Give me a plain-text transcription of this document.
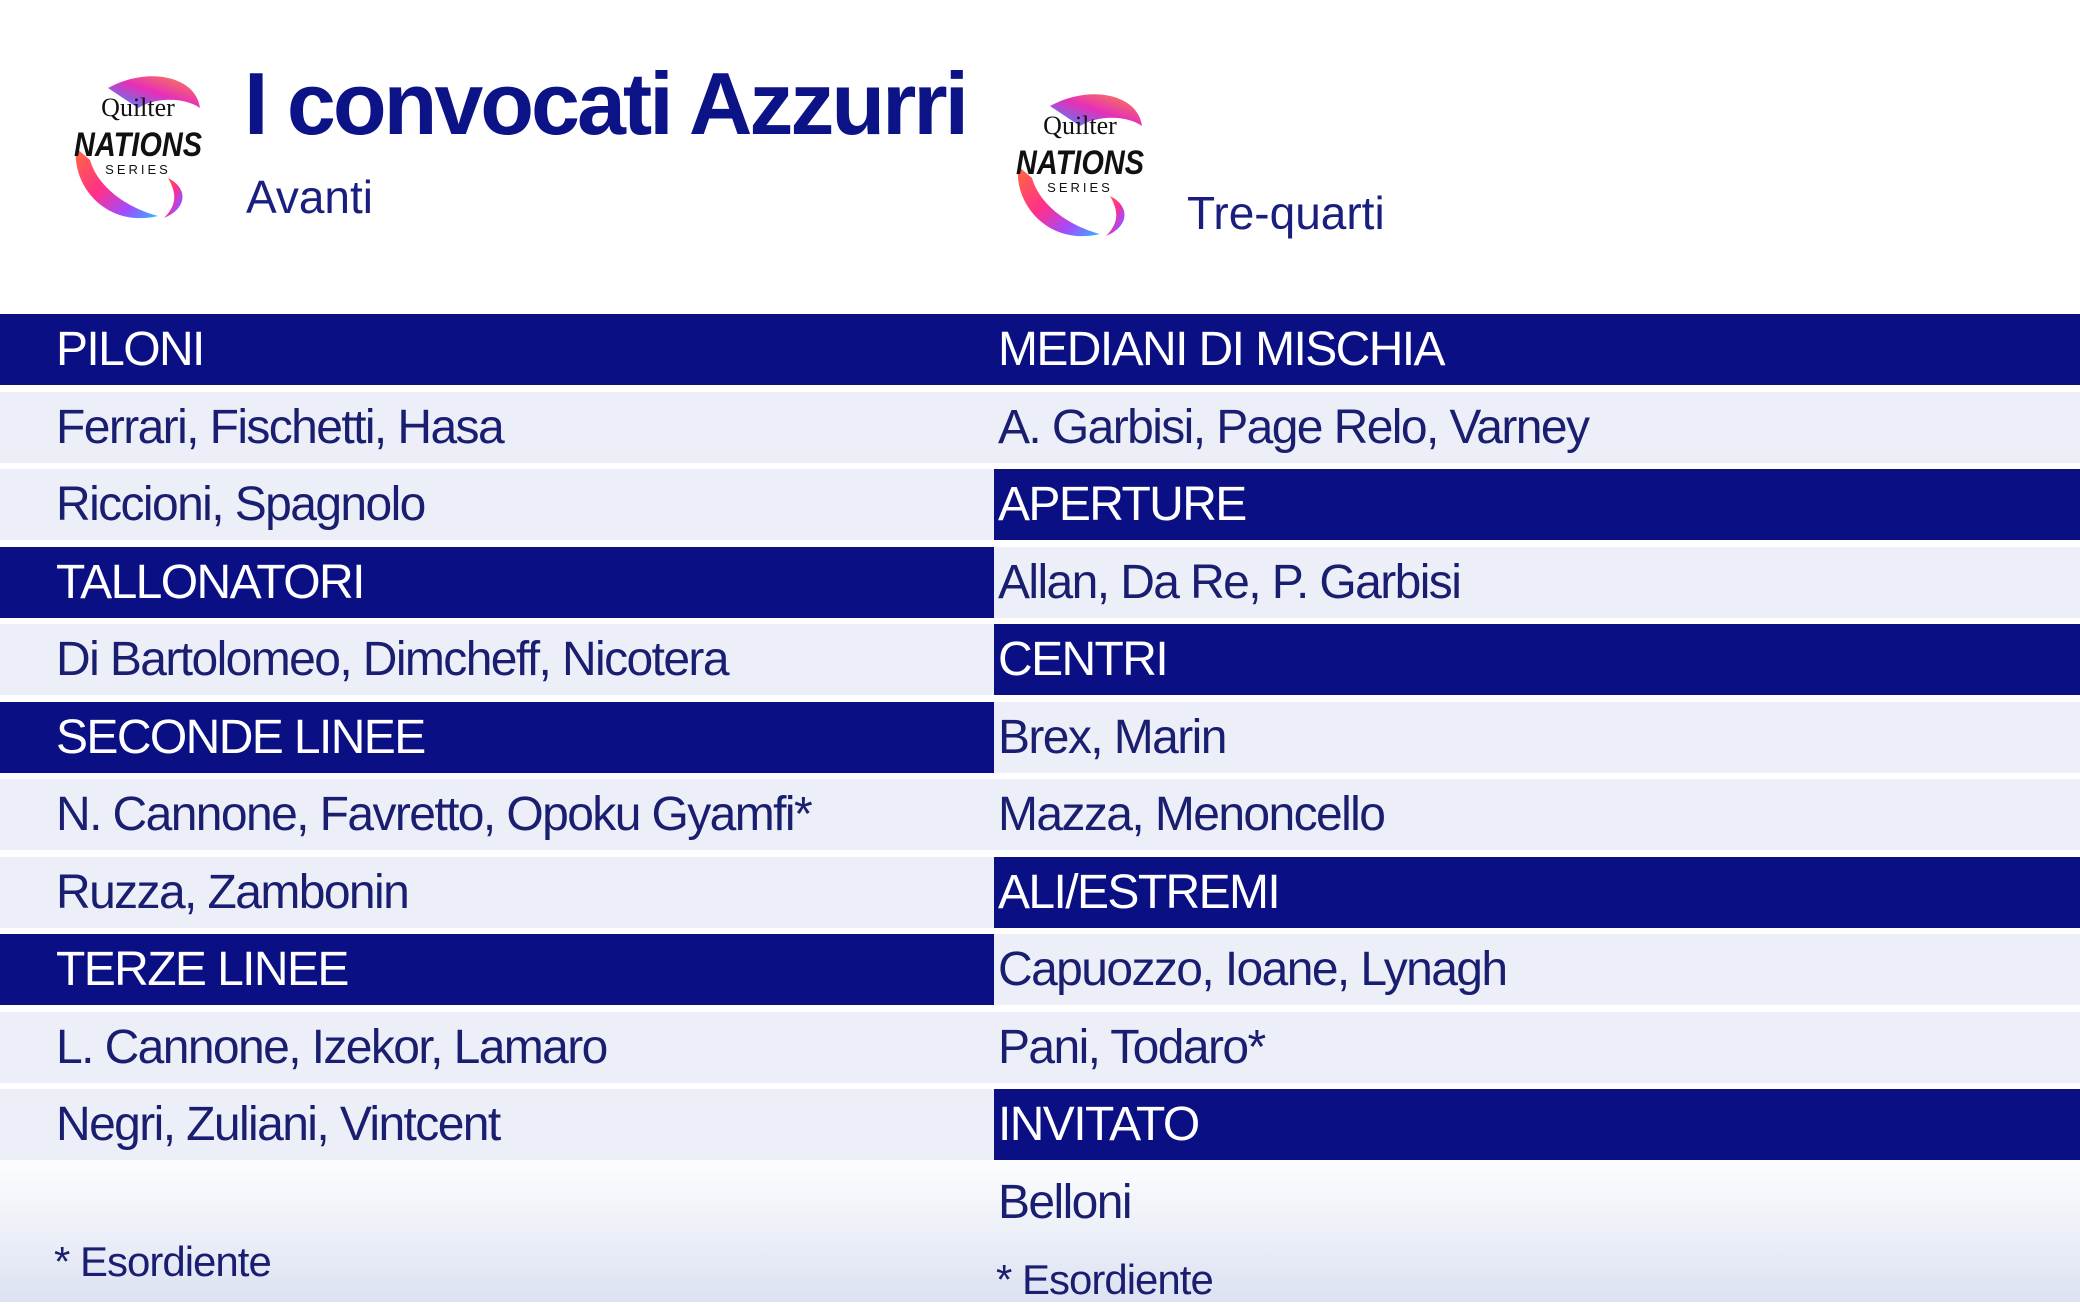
Quilter
NATIONS
SERIES
I convocati Azzurri
Avanti
Quilter
NATIONS
SERIES Tre-quarti
PILONI
Ferrari, Fischetti, Hasa
Riccioni, Spagnolo
TALLONATORI
Di Bartolomeo, Dimcheff, Nicotera
SECONDE LINEE
N. Cannone, Favretto, Opoku Gyamfi*
Ruzza, Zambonin
TERZE LINEE
L. Cannone, Izekor, Lamaro
Negri, Zuliani, Vintcent
MEDIANI DI MISCHIA
A. Garbisi, Page Relo, Varney
APERTURE
Allan, Da Re, P. Garbisi
CENTRI
Brex, Marin
Mazza, Menoncello
ALI/ESTREMI
Capuozzo, Ioane, Lynagh
Pani, Todaro*
INVITATO
Belloni
* Esordiente	* Esordiente
